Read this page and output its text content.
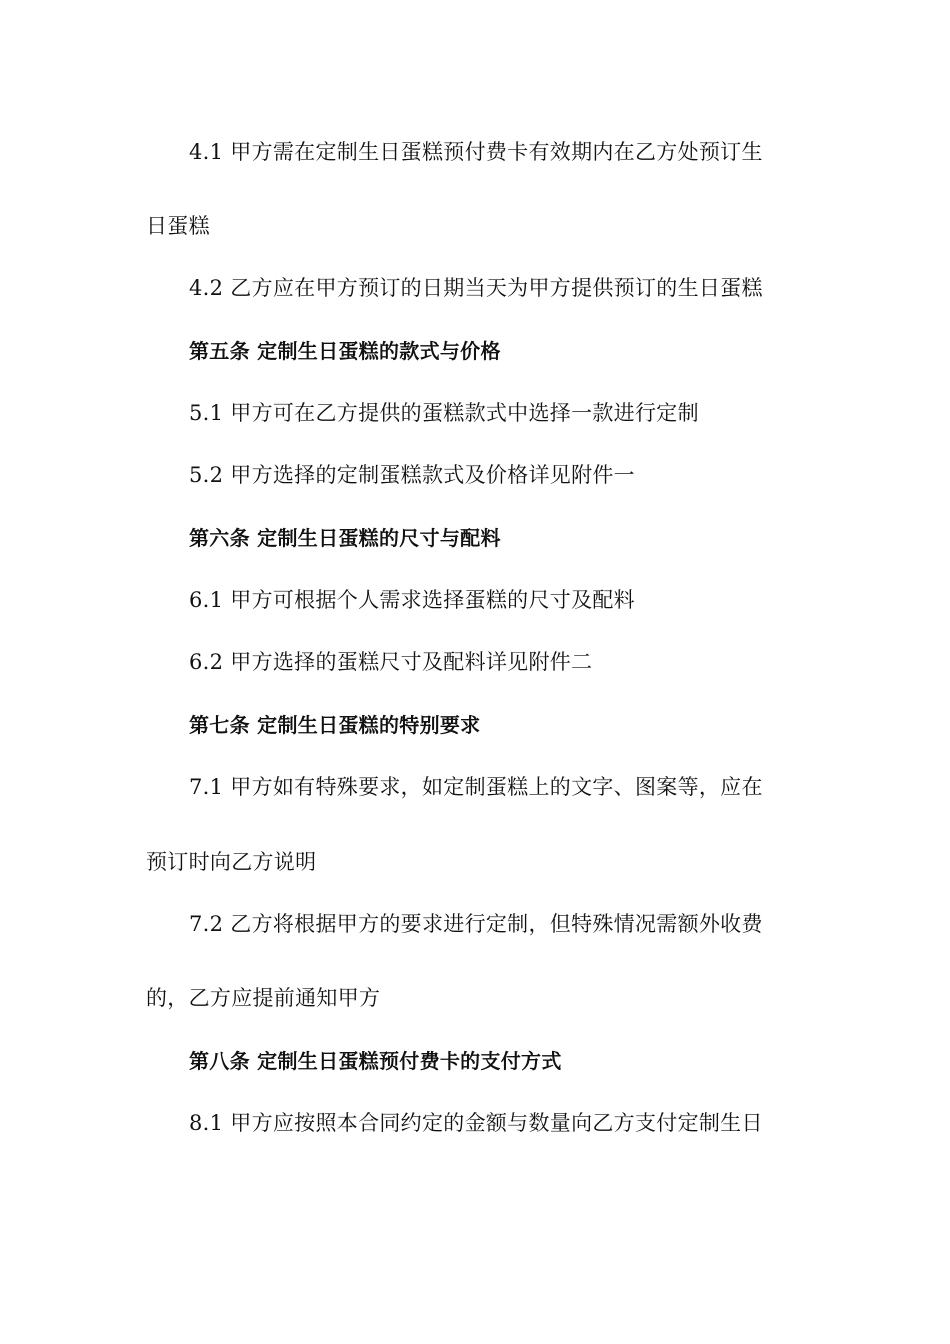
4.1 甲方需在定制生日蛋糕预付费卡有效期内在乙方处预订生
日蛋糕
4.2 乙方应在甲方预订的日期当天为甲方提供预订的生日蛋糕
第五条 定制生日蛋糕的款式与价格
5.1 甲方可在乙方提供的蛋糕款式中选择一款进行定制
5.2 甲方选择的定制蛋糕款式及价格详见附件一
第六条 定制生日蛋糕的尺寸与配料
6.1 甲方可根据个人需求选择蛋糕的尺寸及配料
6.2 甲方选择的蛋糕尺寸及配料详见附件二
第七条 定制生日蛋糕的特别要求
7.1 甲方如有特殊要求，如定制蛋糕上的文字、图案等，应在
预订时向乙方说明
7.2 乙方将根据甲方的要求进行定制，但特殊情况需额外收费
的，乙方应提前通知甲方
第八条 定制生日蛋糕预付费卡的支付方式
8.1 甲方应按照本合同约定的金额与数量向乙方支付定制生日
